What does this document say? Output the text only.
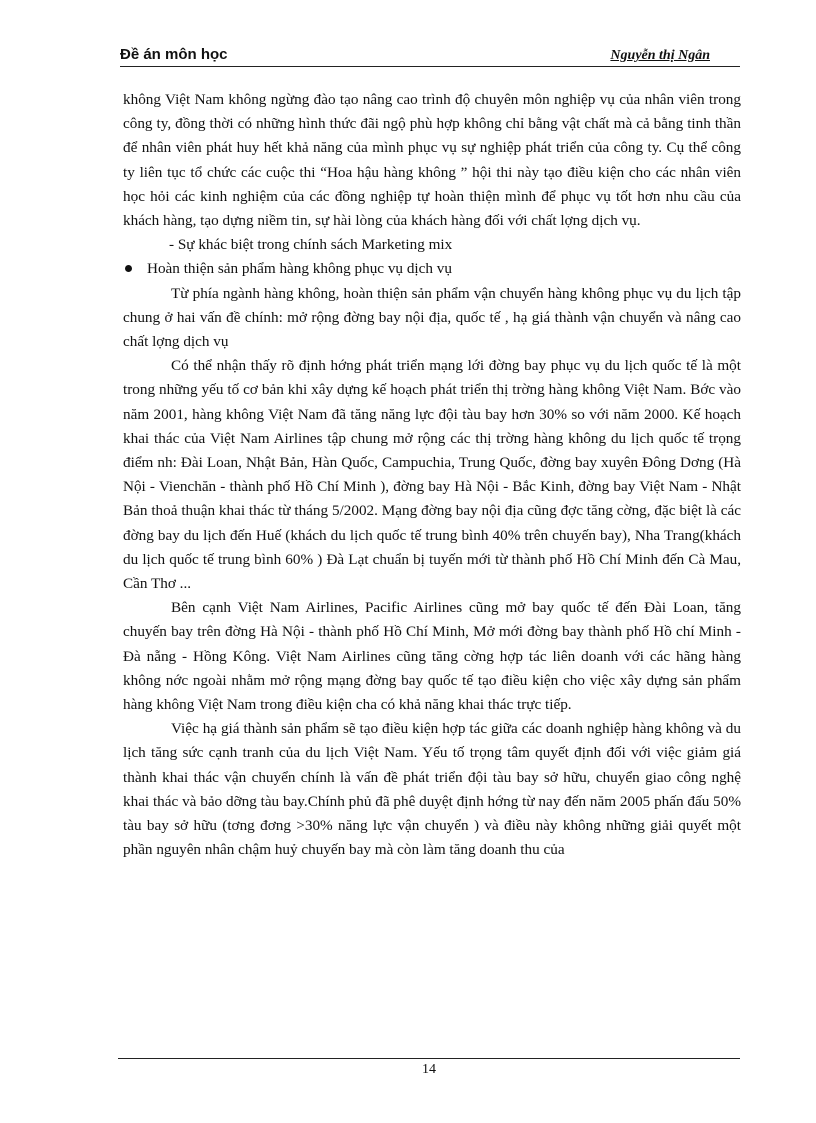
Đề án môn học	Nguyễn thị Ngân

không Việt Nam không ngừng đào tạo nâng cao trình độ chuyên môn nghiệp vụ của nhân viên trong công ty, đồng thời có những hình thức đãi ngộ phù hợp không chỉ bằng vật chất mà cả bằng tinh thần để nhân viên phát huy hết khả năng của mình phục vụ sự nghiệp phát triển của công ty. Cụ thể công ty liên tục tổ chức các cuộc thi “Hoa hậu hàng không ” hội thi này tạo điều kiện cho các nhân viên học hỏi các kinh nghiệm của các đồng nghiệp tự hoàn thiện mình để phục vụ tốt hơn nhu cầu của khách hàng, tạo dựng niềm tin, sự hài lòng của khách hàng đối với chất lợng dịch vụ.

- Sự khác biệt trong chính sách Marketing mix

Hoàn thiện sản phẩm hàng không phục vụ dịch vụ

Từ phía ngành hàng không, hoàn thiện sản phẩm vận chuyển hàng không phục vụ du lịch tập chung ở hai vấn đề chính: mở rộng đờng bay nội địa, quốc tế , hạ giá thành vận chuyển và nâng cao chất lợng dịch vụ

Có thể nhận thấy rõ định hớng phát triển mạng lới đờng bay phục vụ du lịch quốc tế là một trong những yếu tố cơ bản khi xây dựng kế hoạch phát triển thị trờng hàng không Việt Nam. Bớc vào năm 2001, hàng không Việt Nam đã tăng năng lực đội tàu bay hơn 30% so với năm 2000. Kế hoạch khai thác của Việt Nam Airlines tập chung mở rộng các thị trờng hàng không du lịch quốc tế trọng điểm nh: Đài Loan, Nhật Bản, Hàn Quốc, Campuchia, Trung Quốc, đờng bay xuyên Đông Dơng (Hà Nội - Vienchăn - thành phố Hồ Chí Minh ), đờng bay Hà Nội - Bắc Kinh, đờng bay Việt Nam - Nhật Bản thoả thuận khai thác từ tháng 5/2002. Mạng đờng bay nội địa cũng đợc tăng cờng, đặc biệt là các đờng bay du lịch đến Huế (khách du lịch quốc tế trung bình 40% trên chuyến bay), Nha Trang(khách du lịch quốc tế trung bình 60% ) Đà Lạt chuẩn bị tuyến mới từ thành phố Hồ Chí Minh đến Cà Mau, Cần Thơ ...

Bên cạnh Việt Nam Airlines, Pacific Airlines cũng mở bay quốc tế đến Đài Loan, tăng chuyến bay trên đờng Hà Nội - thành phố Hồ Chí Minh, Mở mới đờng bay thành phố Hồ chí Minh - Đà nẵng - Hồng Kông. Việt Nam Airlines cũng tăng cờng hợp tác liên doanh với các hãng hàng không nớc ngoài nhằm mở rộng mạng đờng bay quốc tế tạo điều kiện cho việc xây dựng sản phẩm hàng không Việt Nam trong điều kiện cha có khả năng khai thác trực tiếp.

Việc hạ giá thành sản phẩm sẽ tạo điều kiện hợp tác giữa các doanh nghiệp hàng không và du lịch tăng sức cạnh tranh của du lịch Việt Nam. Yếu tố trọng tâm quyết định đối với việc giảm giá thành khai thác vận chuyển chính là vấn đề phát triển đội tàu bay sở hữu, chuyển giao công nghệ khai thác và bảo dỡng tàu bay.Chính phủ đã phê duyệt định hớng từ nay đến năm 2005 phấn đấu 50% tàu bay sở hữu (tơng đơng >30% năng lực vận chuyển ) và điều này không những giải quyết một phần nguyên nhân chậm huỷ chuyến bay mà còn làm tăng doanh thu của

14
